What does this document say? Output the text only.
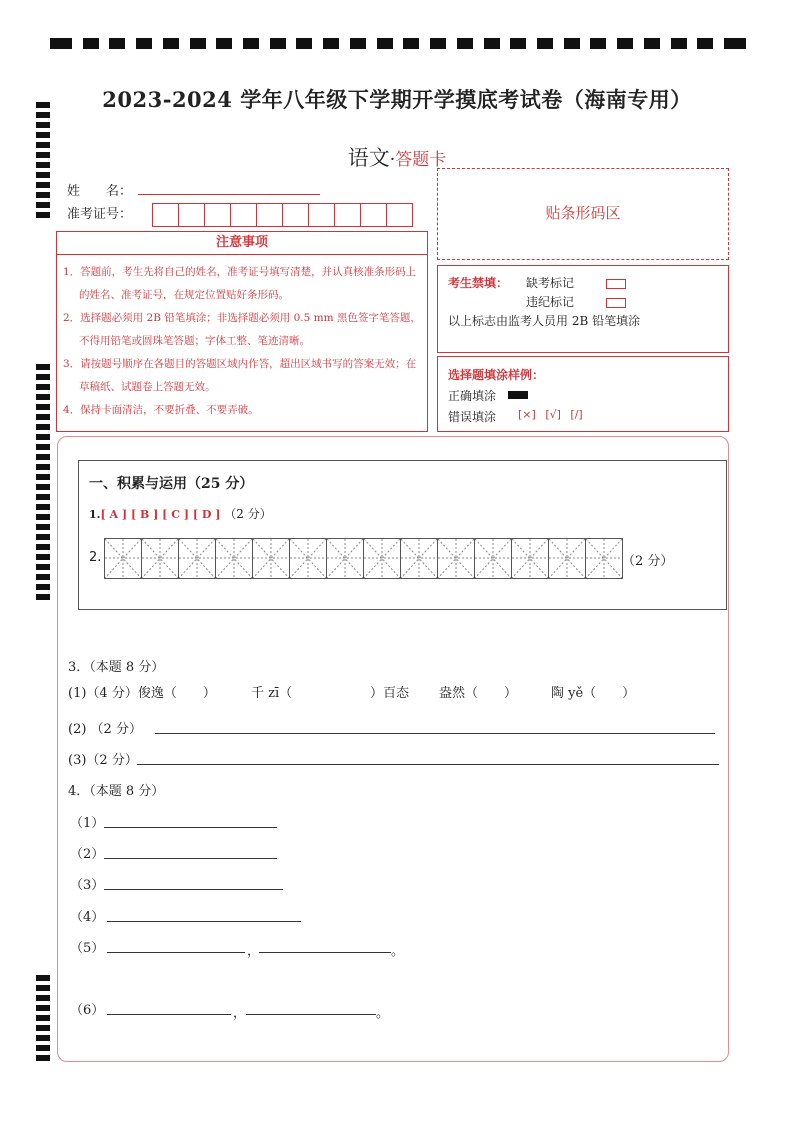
2023-2024 学年八年级下学期开学摸底考试卷（海南专用）
语文·答题卡
姓　　名：
准考证号：
注意事项
1．答题前，考生先将自己的姓名，准考证号填写清楚，并认真核准条形码上的姓名、准考证号，在规定位置贴好条形码。
2．选择题必须用 2B 铅笔填涂；非选择题必须用 0.5 mm 黑色签字笔答题，不得用铅笔或圆珠笔答题；字体工整、笔迹清晰。
3．请按题号顺序在各题目的答题区域内作答，超出区域书写的答案无效；在草稿纸、试题卷上答题无效。
4．保持卡面清洁，不要折叠、不要弄破。
贴条形码区
考生禁填： 缺考标记
违纪标记
以上标志由监考人员用 2B 铅笔填涂
选择题填涂样例：
正确填涂
错误填涂 [×] [√] [/]
一、积累与运用（25 分）
1.[ A ] [ B ] [ C ] [ D ] （2 分）
2.	（2 分）
3．（本题 8 分）
(1)（4 分）俊逸（　　）	千 zī（	）百态 盎然（　　）	陶 yě（　　）
(2) （2 分）
(3)（2 分）
4．（本题 8 分）
（1）
（2）
（3）
（4）
（5）	，	。
（6）	，	。
